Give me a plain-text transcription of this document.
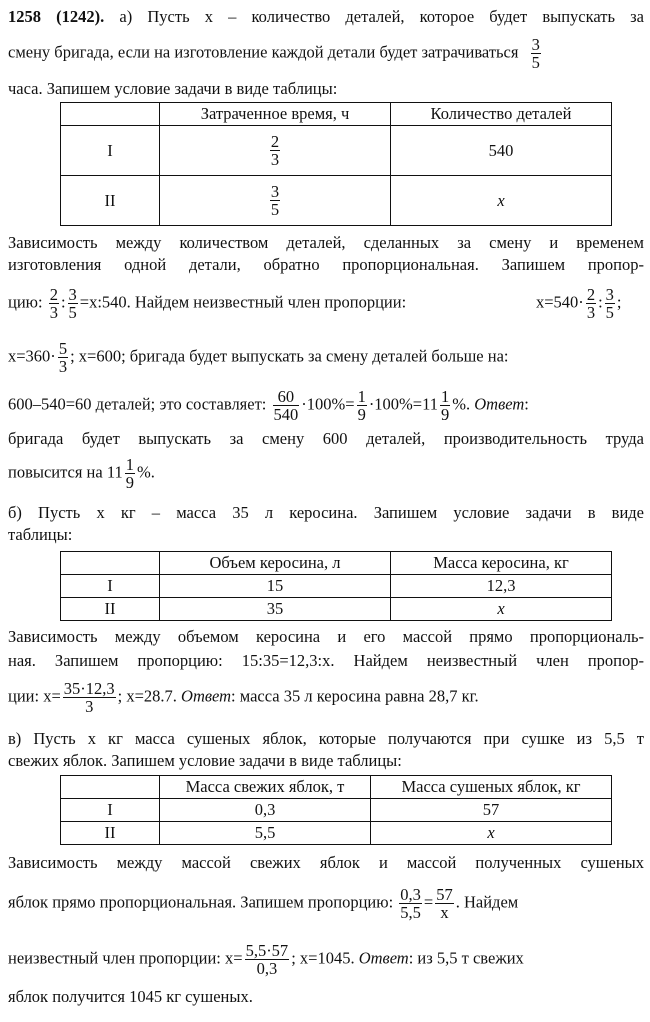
1258 (1242). а) Пусть x – количество деталей, которое будет выпускать за
смену бригада, если на изготовление каждой детали будет затрачиваться $\frac{3}{5}$
часа. Запишем условие задачи в виде таблицы:
	Затраченное время, ч	Количество деталей
I	$\frac{2}{3}$	540
II	$\frac{3}{5}$	x
Зависимость между количеством деталей, сделанных за смену и временем
изготовления одной детали, обратно пропорциональная. Запишем пропор-
цию: $\frac{2}{3}$ : $\frac{3}{5}$ =x:540. Найдем неизвестный член пропорции:	$x=540\cdot \frac{2}{3}$ : $\frac{3}{5}$ ;
$x=360\cdot \frac{5}{3}$ ; x=600; бригада будет выпускать за смену деталей больше на:
600–540=60 деталей; это составляет: $\frac{60}{540} \cdot 100\%= \frac{1}{9} \cdot 100\%=11 \frac{1}{9}$ %. Ответ:
бригада будет выпускать за смену 600 деталей, производительность труда
повысится на $11 \frac{1}{9}$ %.
б) Пусть x кг – масса 35 л керосина. Запишем условие задачи в виде
таблицы:
	Объем керосина, л	Масса керосина, кг
I	15	12,3
II	35	x
Зависимость между объемом керосина и его массой прямо пропорциональ-
ная. Запишем пропорцию: 15:35=12,3:x. Найдем неизвестный член пропор-
ции: $x= \frac{35\cdot 12,3}{3}$ ; x=28.7. Ответ: масса 35 л керосина равна 28,7 кг.
в) Пусть x кг масса сушеных яблок, которые получаются при сушке из 5,5 т
свежих яблок. Запишем условие задачи в виде таблицы:
	Масса свежих яблок, т	Масса сушеных яблок, кг
I	0,3	57
II	5,5	x
Зависимость между массой свежих яблок и массой полученных сушеных
яблок прямо пропорциональная. Запишем пропорцию: $\frac{0,3}{5,5} = \frac{57}{x}$ . Найдем
неизвестный член пропорции: $x= \frac{5,5\cdot 57}{0,3}$ ; x=1045. Ответ: из 5,5 т свежих
яблок получится 1045 кг сушеных.
